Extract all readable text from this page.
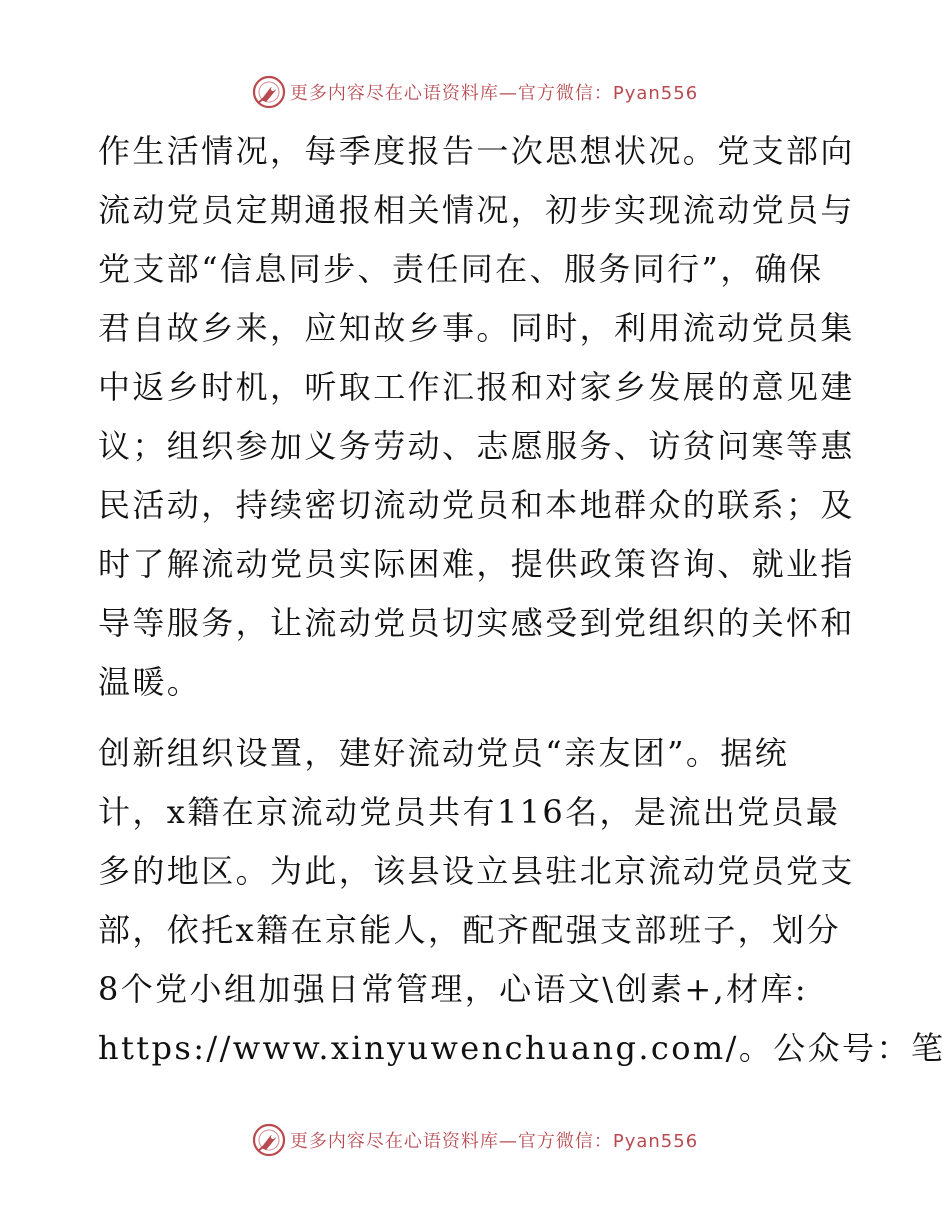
更多内容尽在心语资料库—官方微信：Pyan556
作生活情况，每季度报告一次思想状况。党支部向
流动党员定期通报相关情况，初步实现流动党员与
党支部“信息同步、责任同在、服务同行”，确保
君自故乡来，应知故乡事。同时，利用流动党员集
中返乡时机，听取工作汇报和对家乡发展的意见建
议；组织参加义务劳动、志愿服务、访贫问寒等惠
民活动，持续密切流动党员和本地群众的联系；及
时了解流动党员实际困难，提供政策咨询、就业指
导等服务，让流动党员切实感受到党组织的关怀和
温暖。
创新组织设置，建好流动党员“亲友团”。据统
计，x籍在京流动党员共有116名，是流出党员最
多的地区。为此，该县设立县驻北京流动党员党支
部，依托x籍在京能人，配齐配强支部班子，划分
8个党小组加强日常管理，心语文\创素+,材库:
https://www.xinyuwenchuang.com/。公众号：笔
更多内容尽在心语资料库—官方微信：Pyan556
